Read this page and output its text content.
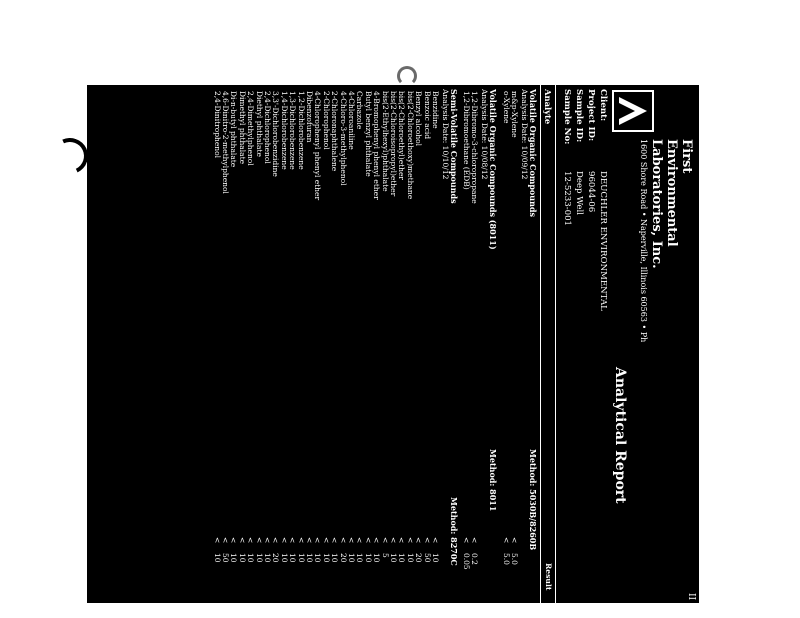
First
Environmental
Laboratories, Inc.
1600 Shore Road • Naperville, Illinois 60563 • Ph
II
Analytical Report
Client:
DEUCHLER ENVIRONMENTAL
Project ID:
96044-06
Sample ID:
Deep Well
Sample No:
12-5233-001
Analyte
Result
Volatile Organic Compounds
Method: 5030B/8260B
Analysis Date: 10/09/12
m&p-Xylene
<
5.0
o-Xylene
<
5.0
Volatile Organic Compounds (8011)
Method: 8011
Analysis Date: 10/08/12
1,2-Dibromo-3-chloropropane
<
0.2
1,2-Dibromoethane (EDB)
<
0.05
Semi-Volatile Compounds
Method: 8270C
Analysis Date: 10/10/12
Benzidine
<
10
Benzoic acid
<
50
Benzyl alcohol
<
20
bis(2-Chloroethoxy)methane
<
10
bis(2-Chloroethyl)ether
<
10
bis(2-Chloroisopropyl)ether
<
10
bis(2-Ethylhexyl)phthalate
<
5
4-Bromophenyl phenyl ether
<
10
Butyl benzyl phthalate
<
10
Carbazole
<
10
4-Chloroaniline
<
10
4-Chloro-3-methylphenol
<
20
2-Chloronaphthalene
<
10
2-Chlorophenol
<
10
4-Chlorophenyl phenyl ether
<
10
Dibenzofuran
<
10
1,2-Dichlorobenzene
<
10
1,3-Dichlorobenzene
<
10
1,4-Dichlorobenzene
<
10
3,3'-Dichlorobenzidine
<
20
2,4-Dichlorophenol
<
10
Diethyl phthalate
<
10
2,4-Dimethylphenol
<
10
Dimethyl phthalate
<
10
Di-n-butyl phthalate
<
10
4,6-Dinitro-2-methylphenol
<
50
2,4-Dinitrophenol
<
10
